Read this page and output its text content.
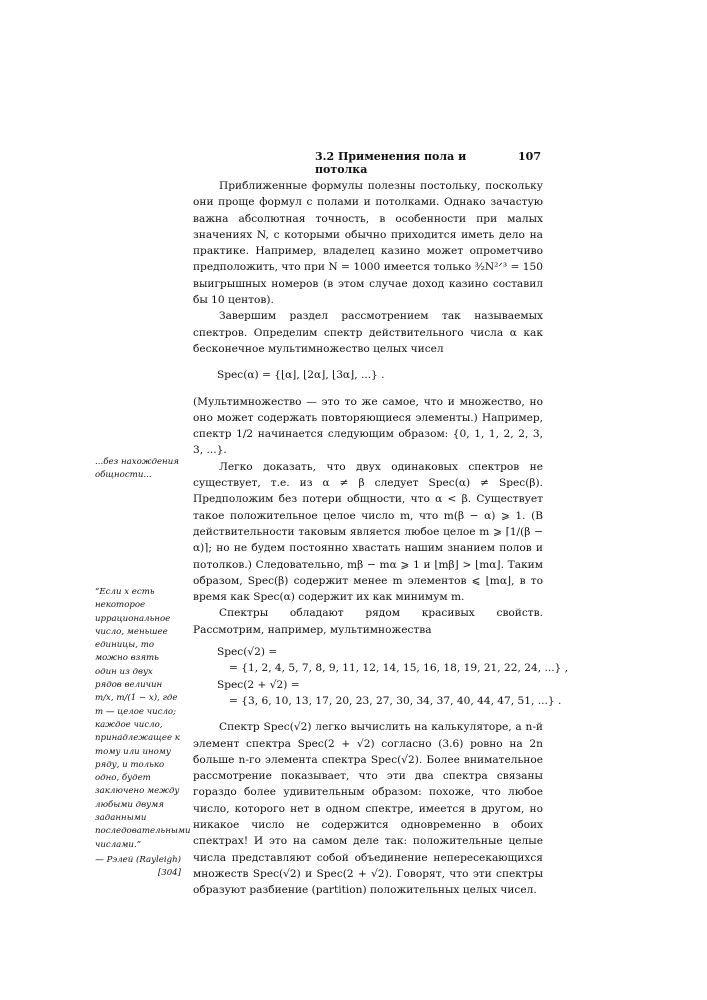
3.2 Применения пола и потолка
107

Приближенные формулы полезны постольку, поскольку они проще формул с полами и потолками. Однако зачастую важна абсолютная точность, в особенности при малых значениях N, с которыми обычно приходится иметь дело на практике. Например, владелец казино может опрометчиво предположить, что при N = 1000 имеется только ³⁄₂N²ᐟ³ = 150 выигрышных номеров (в этом случае доход казино составил бы 10 центов).

Завершим раздел рассмотрением так называемых спектров. Определим спектр действительного числа α как бесконечное мультимножество целых чисел

Spec(α) = {⌊α⌋, ⌊2α⌋, ⌊3α⌋, ...} .

(Мультимножество — это то же самое, что и множество, но оно может содержать повторяющиеся элементы.) Например, спектр 1/2 начинается следующим образом: {0, 1, 1, 2, 2, 3, 3, ...}.

Легко доказать, что двух одинаковых спектров не существует, т.е. из α ≠ β следует Spec(α) ≠ Spec(β). Предположим без потери общности, что α < β. Существует такое положительное целое число m, что m(β − α) ⩾ 1. (В действительности таковым является любое целое m ⩾ ⌈1/(β − α)⌉; но не будем постоянно хвастать нашим знанием полов и потолков.) Следовательно, mβ − mα ⩾ 1 и ⌊mβ⌋ > ⌊mα⌋. Таким образом, Spec(β) содержит менее m элементов ⩽ ⌊mα⌋, в то время как Spec(α) содержит их как минимум m.

Спектры обладают рядом красивых свойств. Рассмотрим, например, мультимножества

Spec(√2) =
= {1, 2, 4, 5, 7, 8, 9, 11, 12, 14, 15, 16, 18, 19, 21, 22, 24, ...} ,
Spec(2 + √2) =
= {3, 6, 10, 13, 17, 20, 23, 27, 30, 34, 37, 40, 44, 47, 51, ...} .

Спектр Spec(√2) легко вычислить на калькуляторе, а n-й элемент спектра Spec(2 + √2) согласно (3.6) ровно на 2n больше n-го элемента спектра Spec(√2). Более внимательное рассмотрение показывает, что эти два спектра связаны гораздо более удивительным образом: похоже, что любое число, которого нет в одном спектре, имеется в другом, но никакое число не содержится одновременно в обоих спектрах! И это на самом деле так: положительные целые числа представляют собой объединение непересекающихся множеств Spec(√2) и Spec(2 + √2). Говорят, что эти спектры образуют разбиение (partition) положительных целых чисел.

...без нахождения общности...
“Если x есть некоторое иррациональное число, меньшее единицы, то можно взять один из двух рядов величин m/x, m/(1 − x), где m — целое число; каждое число, принадлежащее к тому или иному ряду, и только одно, будет заключено между любыми двумя заданными последовательными числами.”
— Рэлей (Rayleigh) [304]
